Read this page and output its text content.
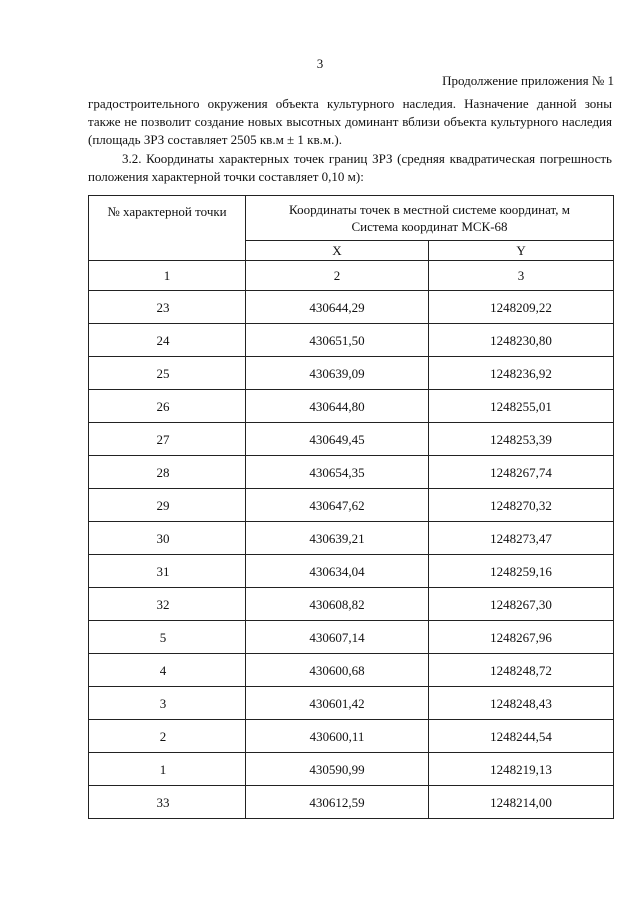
3
Продолжение приложения № 1

градостроительного окружения объекта культурного наследия. Назначение данной зоны также не позволит создание новых высотных доминант вблизи объекта культурного наследия (площадь ЗРЗ составляет 2505 кв.м ± 1 кв.м.).

3.2. Координаты характерных точек границ ЗРЗ (средняя квадратическая погрешность положения характерной точки составляет 0,10 м):

№ характерной точки	Координаты точек в местной системе координат, м
Система координат МСК-68	

	X	Y
1	2	3
23	430644,29	1248209,22
24	430651,50	1248230,80
25	430639,09	1248236,92
26	430644,80	1248255,01
27	430649,45	1248253,39
28	430654,35	1248267,74
29	430647,62	1248270,32
30	430639,21	1248273,47
31	430634,04	1248259,16
32	430608,82	1248267,30
5	430607,14	1248267,96
4	430600,68	1248248,72
3	430601,42	1248248,43
2	430600,11	1248244,54
1	430590,99	1248219,13
33	430612,59	1248214,00
